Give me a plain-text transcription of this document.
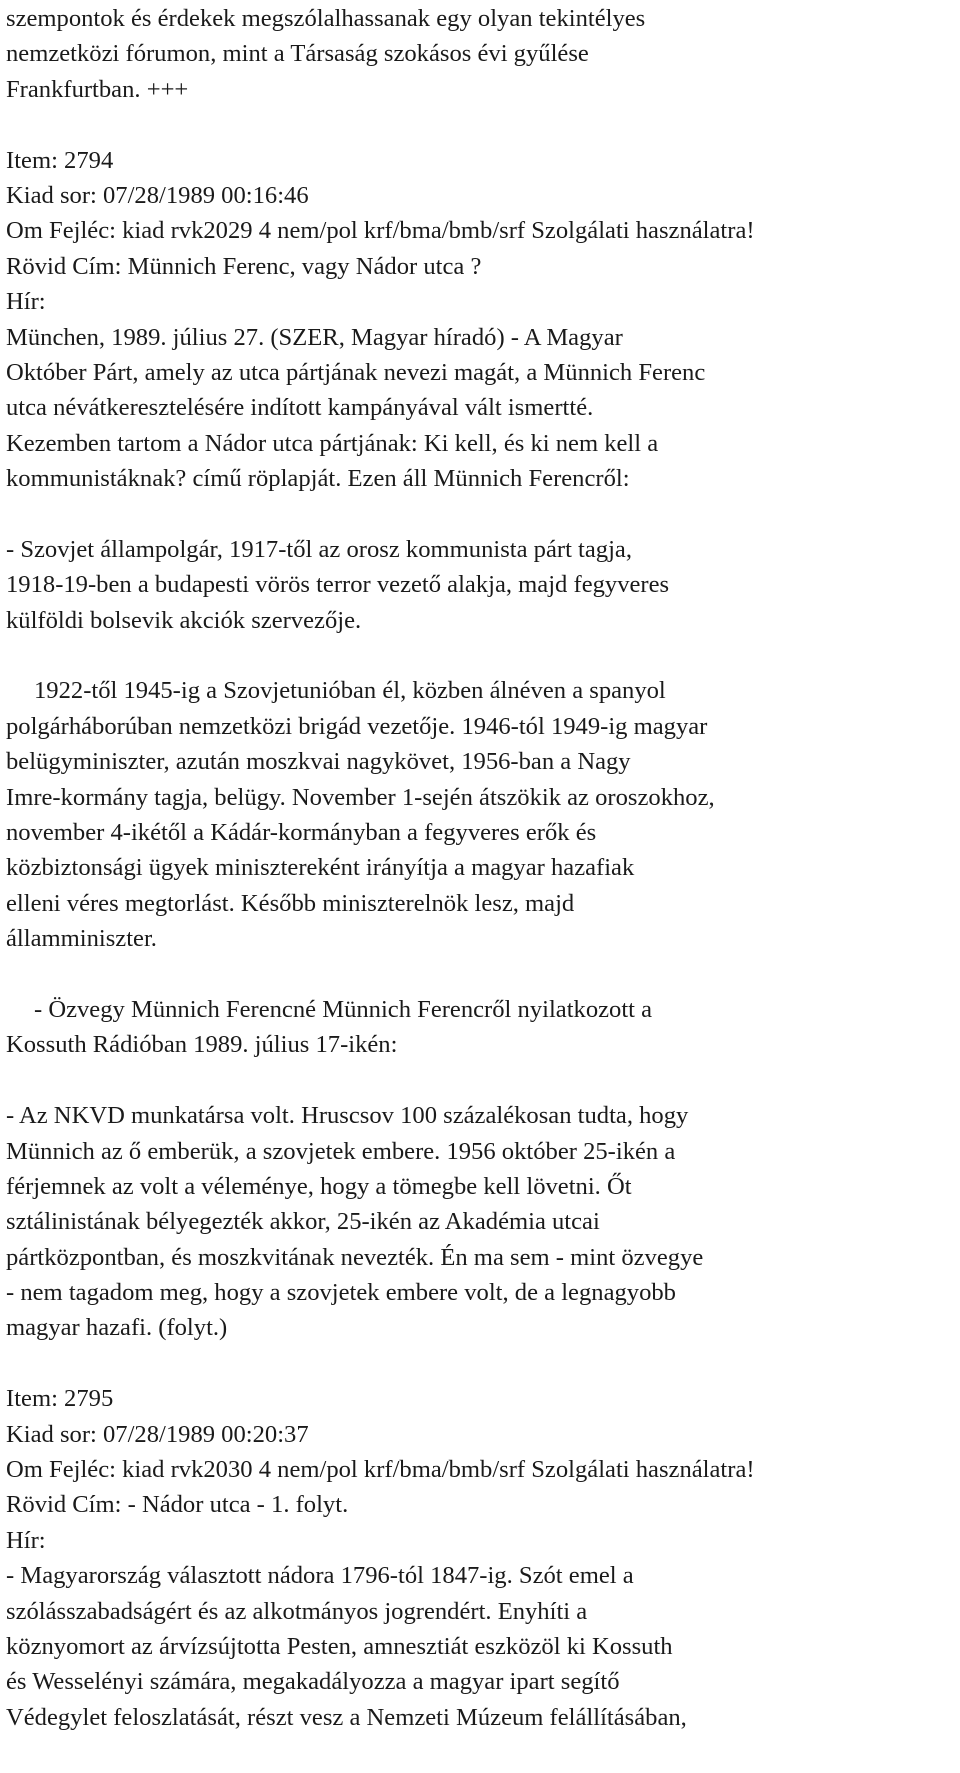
szempontok és érdekek megszólalhassanak egy olyan tekintélyes
nemzetközi fórumon, mint a Társaság szokásos évi gyűlése
Frankfurtban. +++
Item: 2794
Kiad sor: 07/28/1989 00:16:46
Om Fejléc: kiad rvk2029 4 nem/pol krf/bma/bmb/srf Szolgálati használatra!
Rövid Cím: Münnich Ferenc, vagy Nádor utca ?
Hír:
München, 1989. július 27. (SZER, Magyar híradó) - A Magyar
Október Párt, amely az utca pártjának nevezi magát, a Münnich Ferenc
utca névátkeresztelésére indított kampányával vált ismertté.
Kezemben tartom a Nádor utca pártjának: Ki kell, és ki nem kell a
kommunistáknak? című röplapját. Ezen áll Münnich Ferencről:
- Szovjet állampolgár, 1917-től az orosz kommunista párt tagja,
1918-19-ben a budapesti vörös terror vezető alakja, majd fegyveres
külföldi bolsevik akciók szervezője.
1922-től 1945-ig a Szovjetunióban él, közben álnéven a spanyol
polgárháborúban nemzetközi brigád vezetője. 1946-tól 1949-ig magyar
belügyminiszter, azután moszkvai nagykövet, 1956-ban a Nagy
Imre-kormány tagja, belügy. November 1-sején átszökik az oroszokhoz,
november 4-ikétől a Kádár-kormányban a fegyveres erők és
közbiztonsági ügyek minisztereként irányítja a magyar hazafiak
elleni véres megtorlást. Később miniszterelnök lesz, majd
államminiszter.
- Özvegy Münnich Ferencné Münnich Ferencről nyilatkozott a
Kossuth Rádióban 1989. július 17-ikén:
- Az NKVD munkatársa volt. Hruscsov 100 százalékosan tudta, hogy
Münnich az ő emberük, a szovjetek embere. 1956 október 25-ikén a
férjemnek az volt a véleménye, hogy a tömegbe kell lövetni. Őt
sztálinistának bélyegezték akkor, 25-ikén az Akadémia utcai
pártközpontban, és moszkvitának nevezték. Én ma sem - mint özvegye
- nem tagadom meg, hogy a szovjetek embere volt, de a legnagyobb
magyar hazafi. (folyt.)
Item: 2795
Kiad sor: 07/28/1989 00:20:37
Om Fejléc: kiad rvk2030 4 nem/pol krf/bma/bmb/srf Szolgálati használatra!
Rövid Cím: - Nádor utca - 1. folyt.
Hír:
- Magyarország választott nádora 1796-tól 1847-ig. Szót emel a
szólásszabadságért és az alkotmányos jogrendért. Enyhíti a
köznyomort az árvízsújtotta Pesten, amnesztiát eszközöl ki Kossuth
és Wesselényi számára, megakadályozza a magyar ipart segítő
Védegylet feloszlatását, részt vesz a Nemzeti Múzeum felállításában,
